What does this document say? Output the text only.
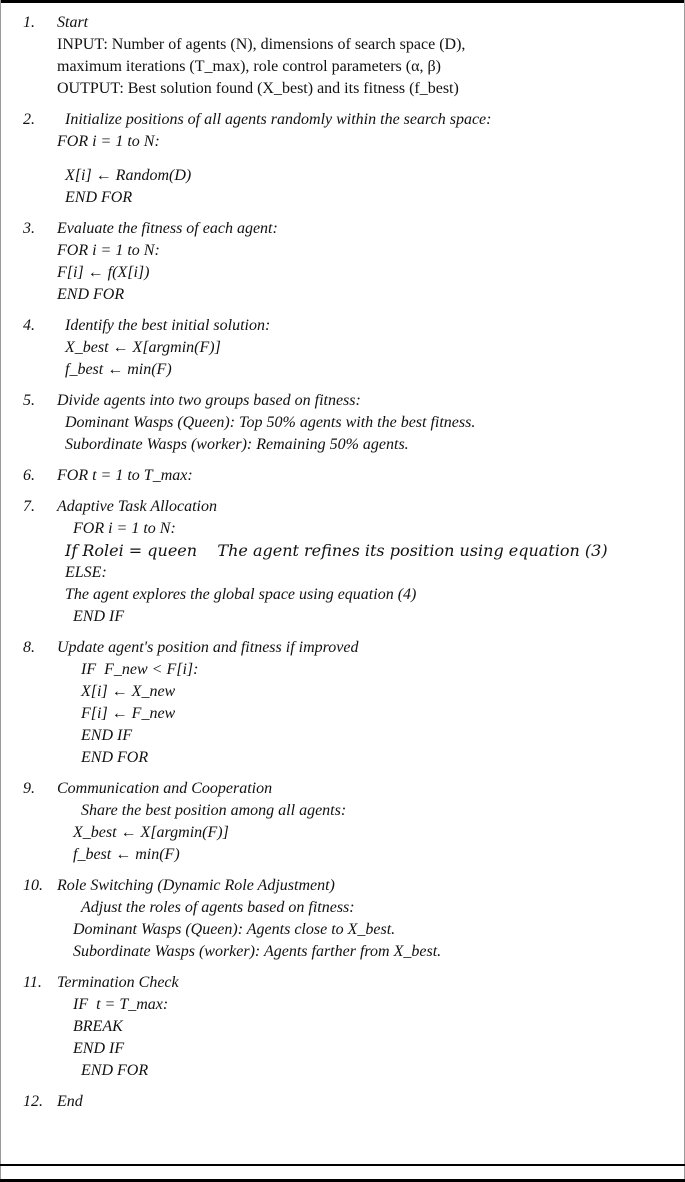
1.	Start
INPUT: Number of agents (N), dimensions of search space (D),
maximum iterations (T_max), role control parameters (α, β)
OUTPUT: Best solution found (X_best) and its fitness (f_best)
2.	Initialize positions of all agents randomly within the search space:
FOR i = 1 to N:
X[i] ← Random(D)
END FOR
3.	Evaluate the fitness of each agent:
FOR i = 1 to N:
F[i] ← f(X[i])
END FOR
4.	Identify the best initial solution:
X_best ← X[argmin(F)]
f_best ← min(F)
5.	Divide agents into two groups based on fitness:
Dominant Wasps (Queen): Top 50% agents with the best fitness.
Subordinate Wasps (worker): Remaining 50% agents.
6.	FOR t = 1 to T_max:
7.	Adaptive Task Allocation
FOR i = 1 to N:
If Rolei = queen    The agent refines its position using equation (3)
ELSE:
The agent explores the global space using equation (4)
END IF
8.	Update agent's position and fitness if improved
IF  F_new < F[i]:
X[i] ← X_new
F[i] ← F_new
END IF
END FOR
9.	Communication and Cooperation
Share the best position among all agents:
X_best ← X[argmin(F)]
f_best ← min(F)
10. Role Switching (Dynamic Role Adjustment)
Adjust the roles of agents based on fitness:
Dominant Wasps (Queen): Agents close to X_best.
Subordinate Wasps (worker): Agents farther from X_best.
11. Termination Check
IF  t = T_max:
BREAK
END IF
END FOR
12. End
